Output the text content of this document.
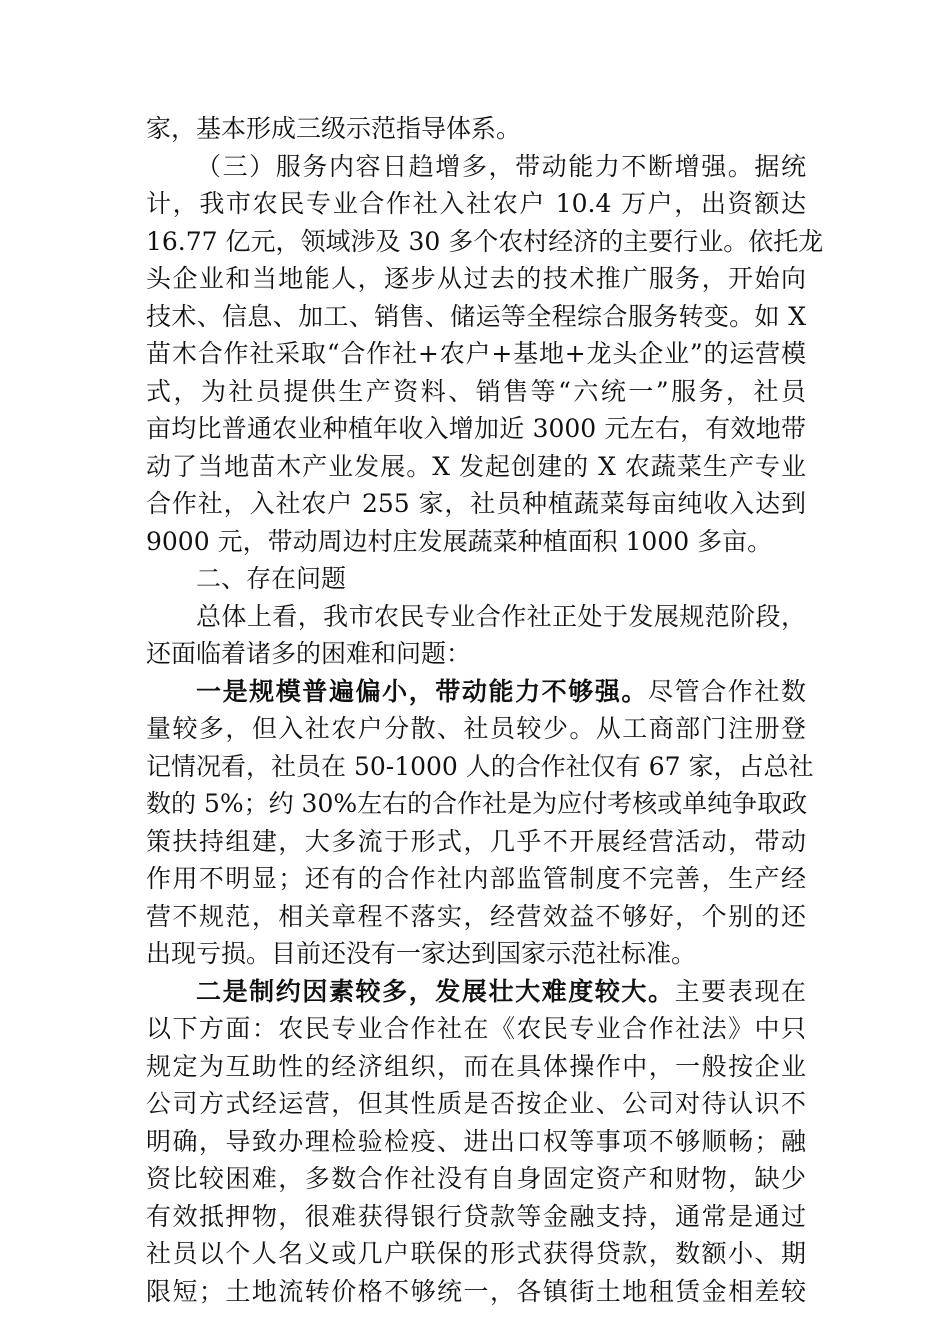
家，基本形成三级示范指导体系。
（三）服务内容日趋增多，带动能力不断增强。据统
计，我市农民专业合作社入社农户 10.4 万户，出资额达
16.77 亿元，领域涉及 30 多个农村经济的主要行业。依托龙
头企业和当地能人，逐步从过去的技术推广服务，开始向
技术、信息、加工、销售、储运等全程综合服务转变。如 X
苗木合作社采取“合作社+农户+基地+龙头企业”的运营模
式，为社员提供生产资料、销售等“六统一”服务，社员
亩均比普通农业种植年收入增加近 3000 元左右，有效地带
动了当地苗木产业发展。X 发起创建的 X 农蔬菜生产专业
合作社，入社农户 255 家，社员种植蔬菜每亩纯收入达到
9000 元，带动周边村庄发展蔬菜种植面积 1000 多亩。
二、存在问题
总体上看，我市农民专业合作社正处于发展规范阶段，
还面临着诸多的困难和问题：
一是规模普遍偏小，带动能力不够强。尽管合作社数
量较多，但入社农户分散、社员较少。从工商部门注册登
记情况看，社员在 50-1000 人的合作社仅有 67 家，占总社
数的 5%；约 30%左右的合作社是为应付考核或单纯争取政
策扶持组建，大多流于形式，几乎不开展经营活动，带动
作用不明显；还有的合作社内部监管制度不完善，生产经
营不规范，相关章程不落实，经营效益不够好，个别的还
出现亏损。目前还没有一家达到国家示范社标准。
二是制约因素较多，发展壮大难度较大。主要表现在
以下方面：农民专业合作社在《农民专业合作社法》中只
规定为互助性的经济组织，而在具体操作中，一般按企业
公司方式经运营，但其性质是否按企业、公司对待认识不
明确，导致办理检验检疫、进出口权等事项不够顺畅；融
资比较困难，多数合作社没有自身固定资产和财物，缺少
有效抵押物，很难获得银行贷款等金融支持，通常是通过
社员以个人名义或几户联保的形式获得贷款，数额小、期
限短；土地流转价格不够统一，各镇街土地租赁金相差较
